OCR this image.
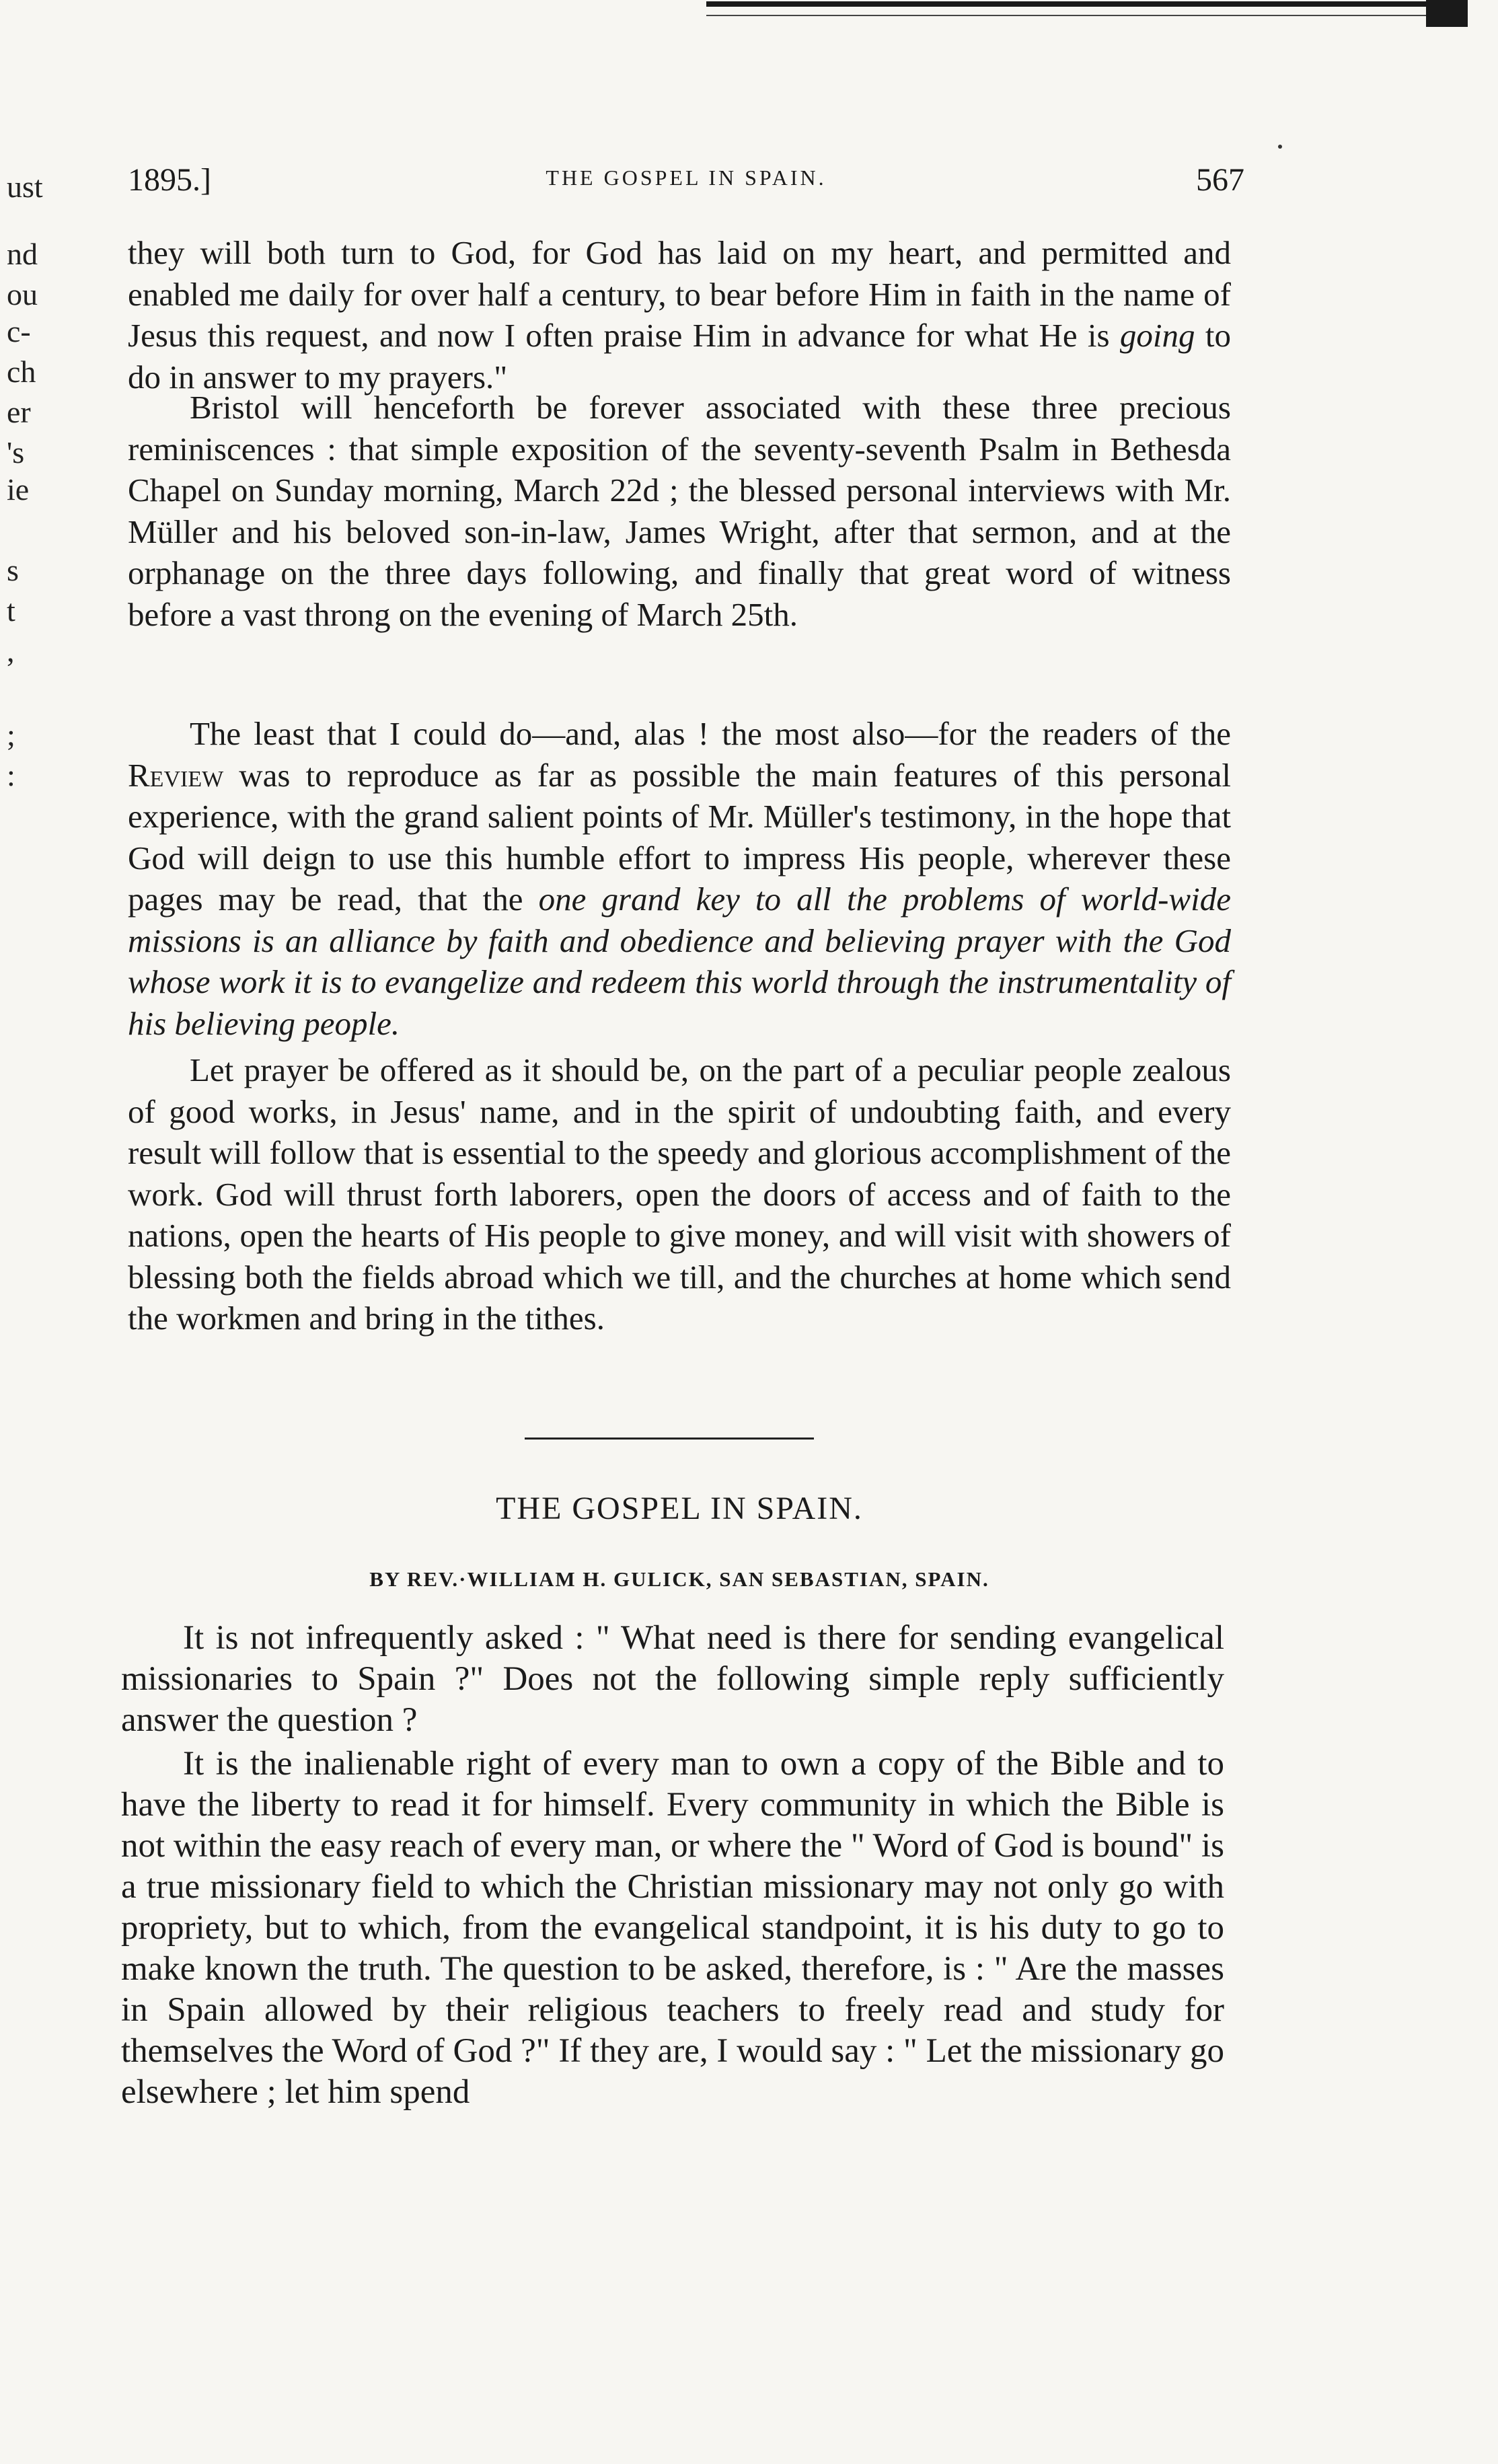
ust
nd
ou
c-
ch
er
's
ie
s
t
,
;
:
1895.]	THE GOSPEL IN SPAIN.	567

they will both turn to God, for God has laid on my heart, and permitted and enabled me daily for over half a century, to bear before Him in faith in the name of Jesus this request, and now I often praise Him in advance for what He is going to do in answer to my prayers."

Bristol will henceforth be forever associated with these three precious reminiscences : that simple exposition of the seventy-seventh Psalm in Bethesda Chapel on Sunday morning, March 22d ; the blessed personal interviews with Mr. Müller and his beloved son-in-law, James Wright, after that sermon, and at the orphanage on the three days following, and finally that great word of witness before a vast throng on the evening of March 25th.

The least that I could do—and, alas ! the most also—for the readers of the Review was to reproduce as far as possible the main features of this personal experience, with the grand salient points of Mr. Müller's testimony, in the hope that God will deign to use this humble effort to impress His people, wherever these pages may be read, that the one grand key to all the problems of world-wide missions is an alliance by faith and obedience and believing prayer with the God whose work it is to evangelize and redeem this world through the instrumentality of his believing people.

Let prayer be offered as it should be, on the part of a peculiar people zealous of good works, in Jesus' name, and in the spirit of undoubting faith, and every result will follow that is essential to the speedy and glorious accomplishment of the work. God will thrust forth laborers, open the doors of access and of faith to the nations, open the hearts of His people to give money, and will visit with showers of blessing both the fields abroad which we till, and the churches at home which send the workmen and bring in the tithes.

THE GOSPEL IN SPAIN.
BY REV.·WILLIAM H. GULICK, SAN SEBASTIAN, SPAIN.

It is not infrequently asked : " What need is there for sending evangelical missionaries to Spain ?" Does not the following simple reply sufficiently answer the question ?

It is the inalienable right of every man to own a copy of the Bible and to have the liberty to read it for himself. Every community in which the Bible is not within the easy reach of every man, or where the " Word of God is bound" is a true missionary field to which the Christian missionary may not only go with propriety, but to which, from the evangelical standpoint, it is his duty to go to make known the truth. The question to be asked, therefore, is : " Are the masses in Spain allowed by their religious teachers to freely read and study for themselves the Word of God ?" If they are, I would say : " Let the missionary go elsewhere ; let him spend
